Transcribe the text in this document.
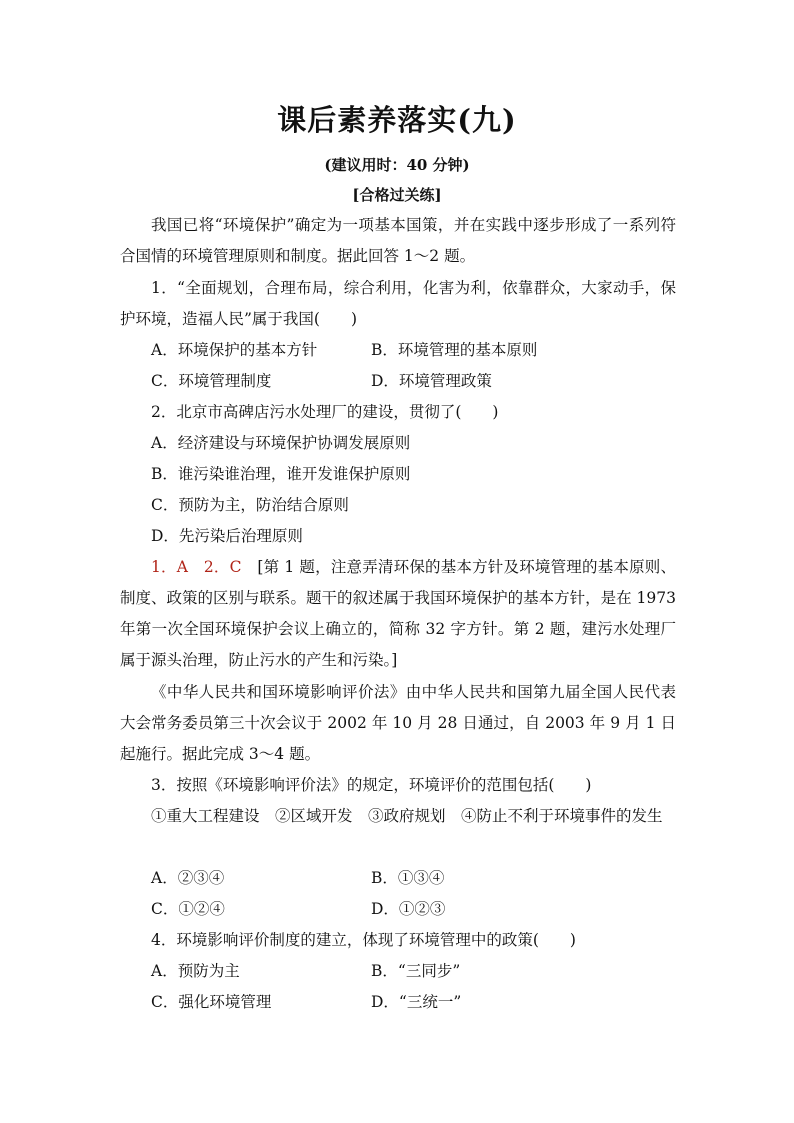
课后素养落实(九)
(建议用时：40 分钟)
[合格过关练]
我国已将“环境保护”确定为一项基本国策，并在实践中逐步形成了一系列符合国情的环境管理原则和制度。据此回答 1～2 题。
1．“全面规划，合理布局，综合利用，化害为利，依靠群众，大家动手，保护环境，造福人民”属于我国(　　)
A．环境保护的基本方针	B．环境管理的基本原则
C．环境管理制度	D．环境管理政策
2．北京市高碑店污水处理厂的建设，贯彻了(　　)
A．经济建设与环境保护协调发展原则
B．谁污染谁治理，谁开发谁保护原则
C．预防为主，防治结合原则
D．先污染后治理原则
1．A　2．C　[第 1 题，注意弄清环保的基本方针及环境管理的基本原则、制度、政策的区别与联系。题干的叙述属于我国环境保护的基本方针，是在 1973 年第一次全国环境保护会议上确立的，简称 32 字方针。第 2 题，建污水处理厂属于源头治理，防止污水的产生和污染。]
《中华人民共和国环境影响评价法》由中华人民共和国第九届全国人民代表大会常务委员第三十次会议于 2002 年 10 月 28 日通过，自 2003 年 9 月 1 日起施行。据此完成 3～4 题。
3．按照《环境影响评价法》的规定，环境评价的范围包括(　　)
①重大工程建设　②区域开发　③政府规划　④防止不利于环境事件的发生
A．②③④	B．①③④
C．①②④	D．①②③
4．环境影响评价制度的建立，体现了环境管理中的政策(　　)
A．预防为主	B．“三同步”
C．强化环境管理	D．“三统一”
